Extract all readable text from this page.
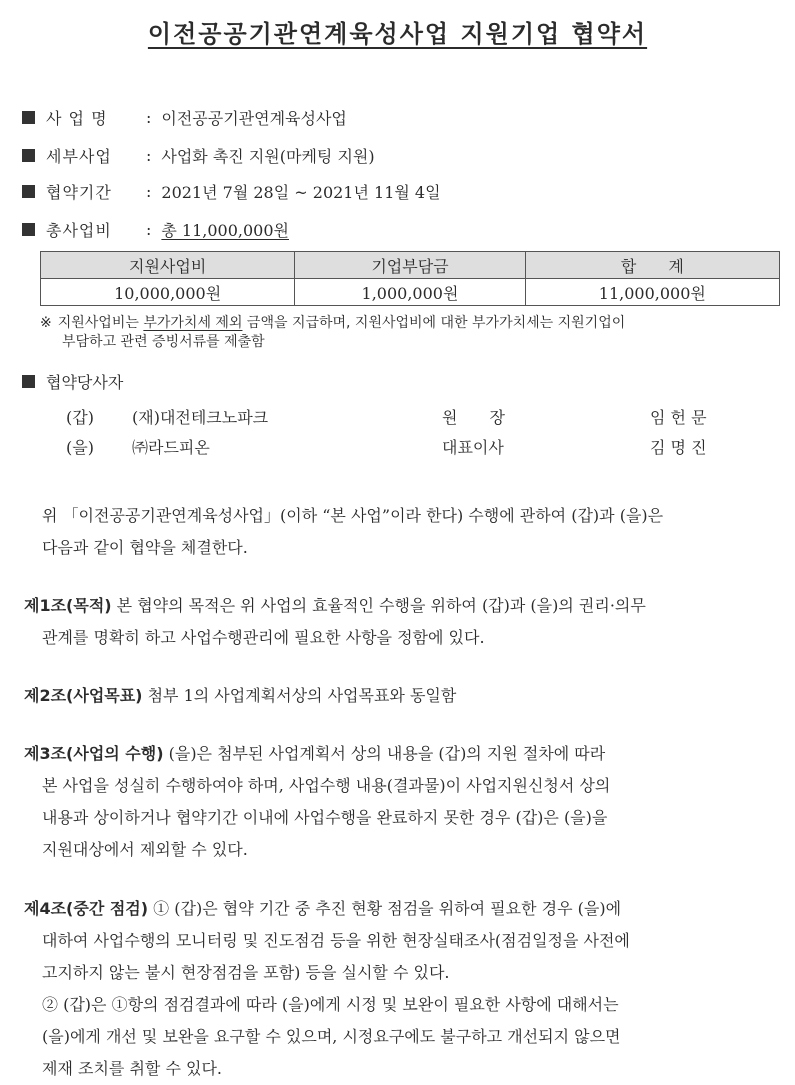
이전공공기관연계육성사업 지원기업 협약서
사 업 명	: 이전공공기관연계육성사업
세부사업	: 사업화 촉진 지원(마케팅 지원)
협약기간	: 2021년 7월 28일 ~ 2021년 11월 4일
총사업비	: 총 11,000,000원
지원사업비	기업부담금	합　　계
10,000,000원	1,000,000원	11,000,000원
※ 지원사업비는 부가가치세 제외 금액을 지급하며, 지원사업비에 대한 부가가치세는 지원기업이
부담하고 관련 증빙서류를 제출함
협약당사자
(갑) (재)대전테크노파크	원　　장	임 헌 문
(을) ㈜라드피온	대표이사	김 명 진
위 「이전공공기관연계육성사업」(이하 “본 사업”이라 한다) 수행에 관하여 (갑)과 (을)은
다음과 같이 협약을 체결한다.
제1조(목적) 본 협약의 목적은 위 사업의 효율적인 수행을 위하여 (갑)과 (을)의 권리·의무
관계를 명확히 하고 사업수행관리에 필요한 사항을 정함에 있다.
제2조(사업목표) 첨부 1의 사업계획서상의 사업목표와 동일함
제3조(사업의 수행) (을)은 첨부된 사업계획서 상의 내용을 (갑)의 지원 절차에 따라
본 사업을 성실히 수행하여야 하며, 사업수행 내용(결과물)이 사업지원신청서 상의
내용과 상이하거나 협약기간 이내에 사업수행을 완료하지 못한 경우 (갑)은 (을)을
지원대상에서 제외할 수 있다.
제4조(중간 점검) ① (갑)은 협약 기간 중 추진 현황 점검을 위하여 필요한 경우 (을)에
대하여 사업수행의 모니터링 및 진도점검 등을 위한 현장실태조사(점검일정을 사전에
고지하지 않는 불시 현장점검을 포함) 등을 실시할 수 있다.
② (갑)은 ①항의 점검결과에 따라 (을)에게 시정 및 보완이 필요한 사항에 대해서는
(을)에게 개선 및 보완을 요구할 수 있으며, 시정요구에도 불구하고 개선되지 않으면
제재 조치를 취할 수 있다.
